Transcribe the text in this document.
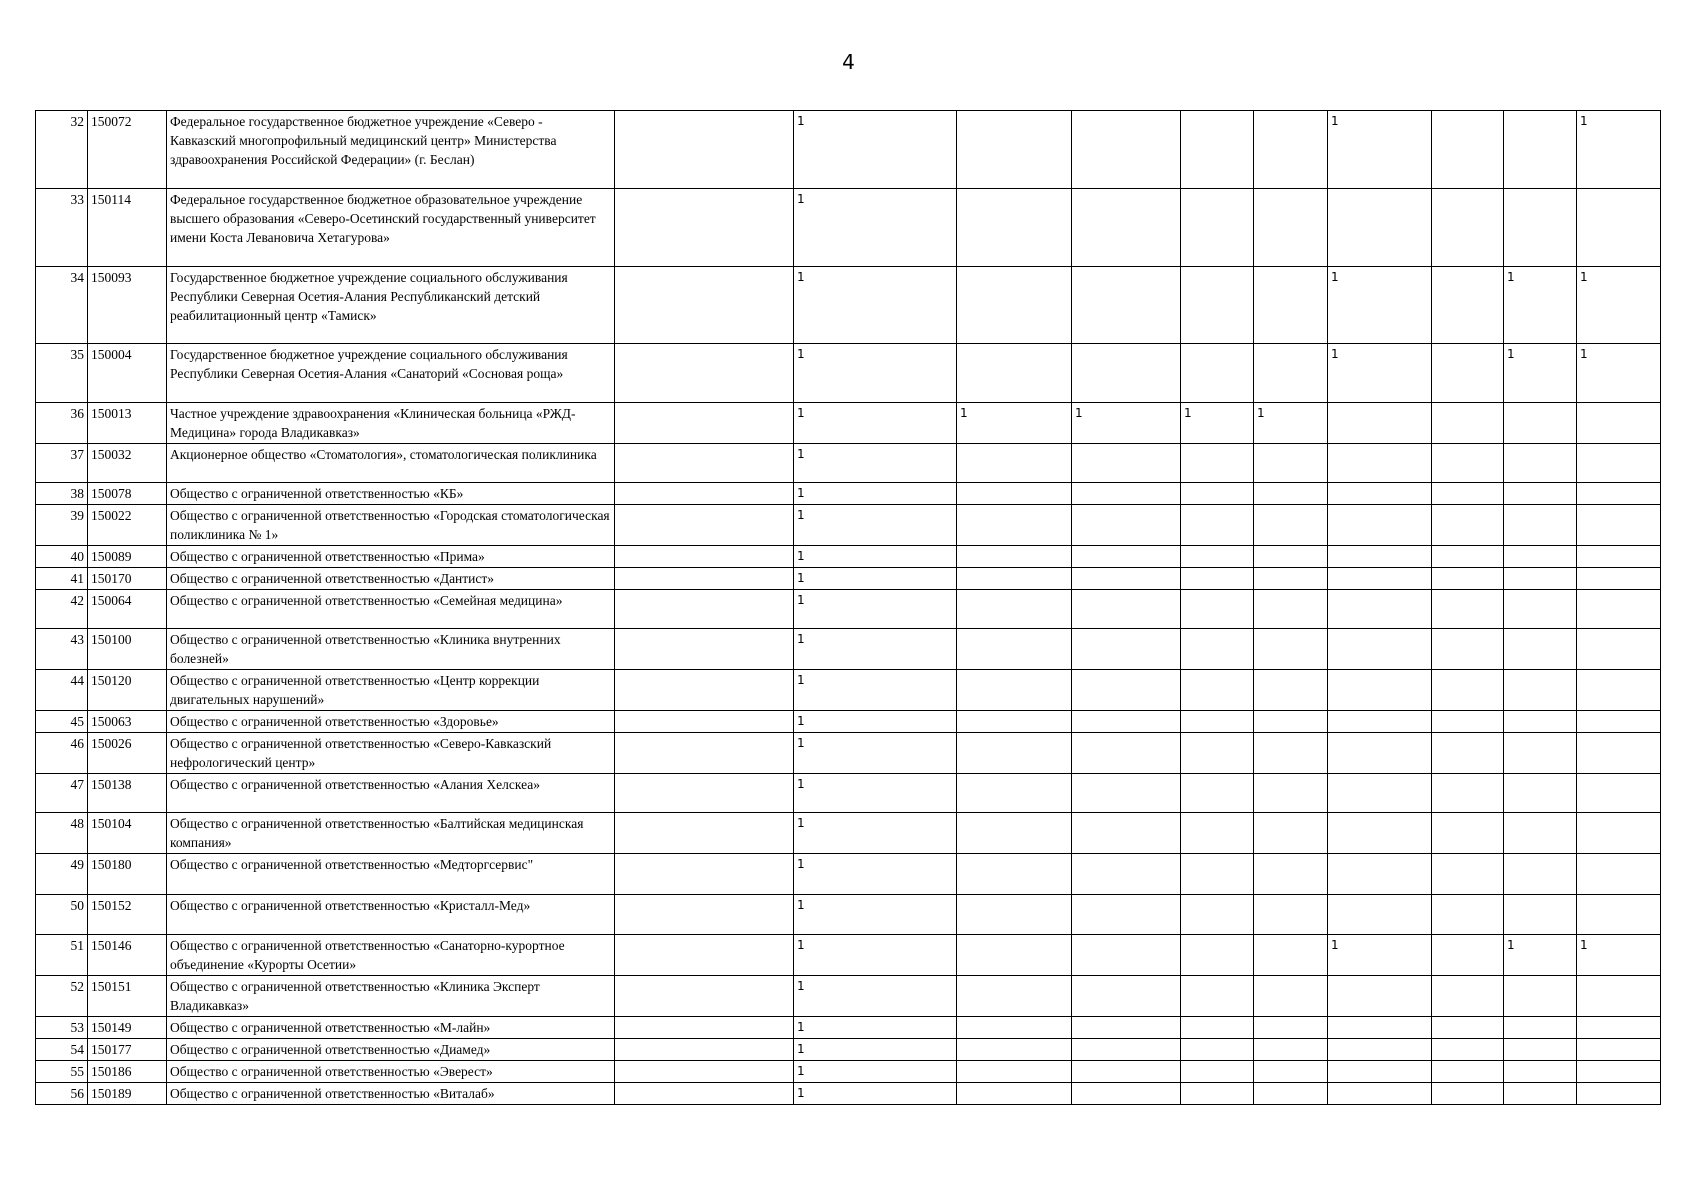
4
32	150072	Федеральное государственное бюджетное учреждение «Северо - Кавказский многопрофильный медицинский центр» Министерства здравоохранения Российской Федерации» (г. Беслан)		1					1			1
33	150114	Федеральное государственное бюджетное образовательное учреждение высшего образования «Северо-Осетинский государственный университет имени Коста Левановича Хетагурова»		1								
34	150093	Государственное бюджетное учреждение социального обслуживания Республики Северная Осетия-Алания Республиканский детский реабилитационный центр «Тамиск»		1					1		1	1
35	150004	Государственное бюджетное учреждение социального обслуживания Республики Северная Осетия-Алания «Санаторий «Сосновая роща»		1					1		1	1
36	150013	Частное учреждение здравоохранения «Клиническая больница «РЖД-Медицина» города Владикавказ»		1	1	1	1	1				
37	150032	Акционерное общество «Стоматология», стоматологическая поликлиника		1								
38	150078	Общество с ограниченной ответственностью «КБ»		1								
39	150022	Общество с ограниченной ответственностью «Городская стоматологическая поликлиника № 1»		1								
40	150089	Общество с ограниченной ответственностью «Прима»		1								
41	150170	Общество с ограниченной ответственностью «Дантист»		1								
42	150064	Общество с ограниченной ответственностью «Семейная медицина»		1								
43	150100	Общество с ограниченной ответственностью «Клиника внутренних болезней»		1								
44	150120	Общество с ограниченной ответственностью «Центр коррекции двигательных нарушений»		1								
45	150063	Общество с ограниченной ответственностью «Здоровье»		1								
46	150026	Общество с ограниченной ответственностью «Северо-Кавказский нефрологический центр»		1								
47	150138	Общество с ограниченной ответственностью «Алания Хелскеа»		1								
48	150104	Общество с ограниченной ответственностью «Балтийская медицинская компания»		1								
49	150180	Общество с ограниченной ответственностью «Медторгсервис"		1								
50	150152	Общество с ограниченной ответственностью «Кристалл-Мед»		1								
51	150146	Общество с ограниченной ответственностью «Санаторно-курортное объединение «Курорты Осетии»		1					1		1	1
52	150151	Общество с ограниченной ответственностью «Клиника Эксперт Владикавказ»		1								
53	150149	Общество с ограниченной ответственностью «М-лайн»		1								
54	150177	Общество с ограниченной ответственностью «Диамед»		1								
55	150186	Общество с ограниченной ответственностью «Эверест»		1								
56	150189	Общество с ограниченной ответственностью «Виталаб»		1								
